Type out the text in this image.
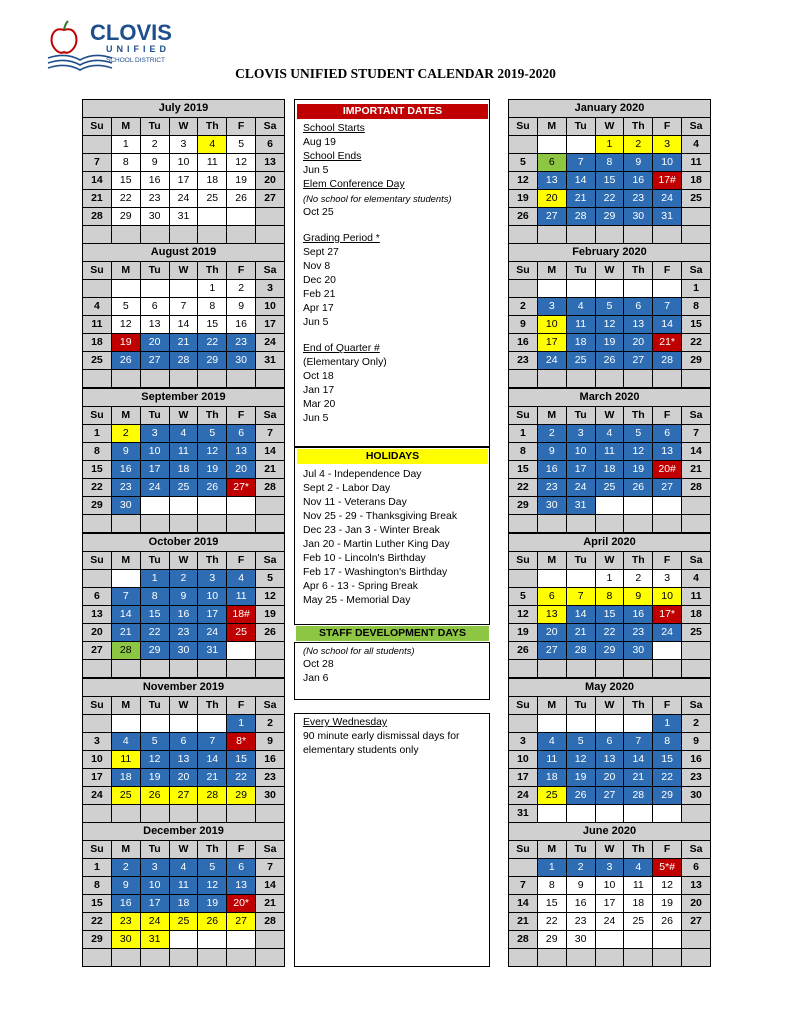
CLOVIS
UNIFIED
SCHOOL DISTRICT
CLOVIS UNIFIED STUDENT CALENDAR 2019-2020
July 2019						
Su	M	Tu	W	Th	F	Sa
	1	2	3	4	5	6
7	8	9	10	11	12	13
14	15	16	17	18	19	20
21	22	23	24	25	26	27
28	29	30	31			

August 2019						
Su	M	Tu	W	Th	F	Sa
				1	2	3
4	5	6	7	8	9	10
11	12	13	14	15	16	17
18	19	20	21	22	23	24
25	26	27	28	29	30	31

September 2019						
Su	M	Tu	W	Th	F	Sa
1	2	3	4	5	6	7
8	9	10	11	12	13	14
15	16	17	18	19	20	21
22	23	24	25	26	27*	28
29	30					

October 2019						
Su	M	Tu	W	Th	F	Sa
		1	2	3	4	5
6	7	8	9	10	11	12
13	14	15	16	17	18#	19
20	21	22	23	24	25	26
27	28	29	30	31		

November 2019						
Su	M	Tu	W	Th	F	Sa
					1	2
3	4	5	6	7	8*	9
10	11	12	13	14	15	16
17	18	19	20	21	22	23
24	25	26	27	28	29	30

December 2019						
Su	M	Tu	W	Th	F	Sa
1	2	3	4	5	6	7
8	9	10	11	12	13	14
15	16	17	18	19	20*	21
22	23	24	25	26	27	28
29	30	31				

January 2020						
Su	M	Tu	W	Th	F	Sa
			1	2	3	4
5	6	7	8	9	10	11
12	13	14	15	16	17#	18
19	20	21	22	23	24	25
26	27	28	29	30	31	

February 2020						
Su	M	Tu	W	Th	F	Sa
						1
2	3	4	5	6	7	8
9	10	11	12	13	14	15
16	17	18	19	20	21*	22
23	24	25	26	27	28	29

March 2020						
Su	M	Tu	W	Th	F	Sa
1	2	3	4	5	6	7
8	9	10	11	12	13	14
15	16	17	18	19	20#	21
22	23	24	25	26	27	28
29	30	31				

April 2020						
Su	M	Tu	W	Th	F	Sa
			1	2	3	4
5	6	7	8	9	10	11
12	13	14	15	16	17*	18
19	20	21	22	23	24	25
26	27	28	29	30		

May 2020						
Su	M	Tu	W	Th	F	Sa
					1	2
3	4	5	6	7	8	9
10	11	12	13	14	15	16
17	18	19	20	21	22	23
24	25	26	27	28	29	30
31						
June 2020						
Su	M	Tu	W	Th	F	Sa
	1	2	3	4	5*#	6
7	8	9	10	11	12	13
14	15	16	17	18	19	20
21	22	23	24	25	26	27
28	29	30				

IMPORTANT DATES
School Starts
Aug 19
School Ends
Jun 5
Elem Conference Day
(No school for elementary students)
Oct 25
Grading Period *
Sept 27
Nov 8
Dec 20
Feb 21
Apr 17
Jun 5
End of Quarter #
(Elementary Only)
Oct 18
Jan 17
Mar 20
Jun 5
HOLIDAYS
Jul 4 - Independence Day
Sept 2 - Labor Day
Nov 11 - Veterans Day
Nov 25 - 29 - Thanksgiving Break
Dec 23 - Jan 3 - Winter Break
Jan 20 - Martin Luther King Day
Feb 10 - Lincoln's Birthday
Feb 17 - Washington's Birthday
Apr 6 - 13 - Spring Break
May 25 - Memorial Day
STAFF DEVELOPMENT DAYS
(No school for all students)
Oct 28
Jan 6
Every Wednesday
90 minute early dismissal days for
elementary students only
